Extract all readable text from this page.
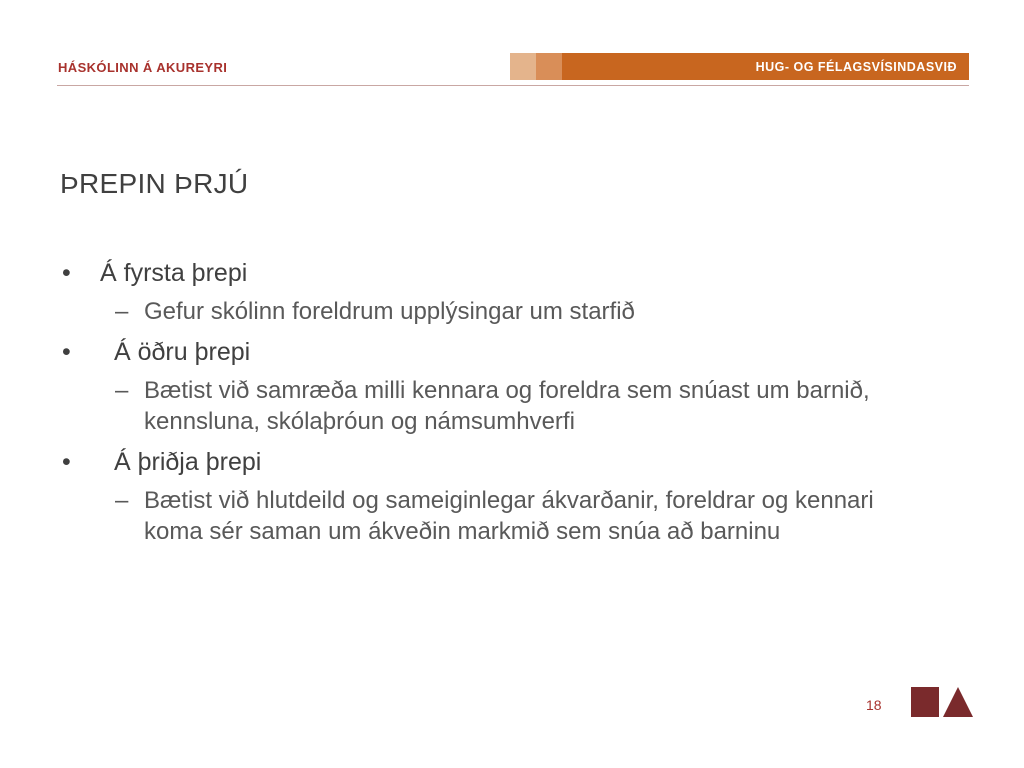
HÁSKÓLINN Á AKUREYRI	HUG- OG FÉLAGSVÍSINDASVIÐ
ÞREPIN ÞRJÚ
• Á fyrsta þrepi
– Gefur skólinn foreldrum upplýsingar um starfið
• Á öðru þrepi
– Bætist við samræða milli kennara og foreldra sem snúast um barnið, kennsluna, skólaþróun og námsumhverfi
• Á þriðja þrepi
– Bætist við hlutdeild og sameiginlegar ákvarðanir, foreldrar og kennari koma sér saman um ákveðin markmið sem snúa að barninu
18
